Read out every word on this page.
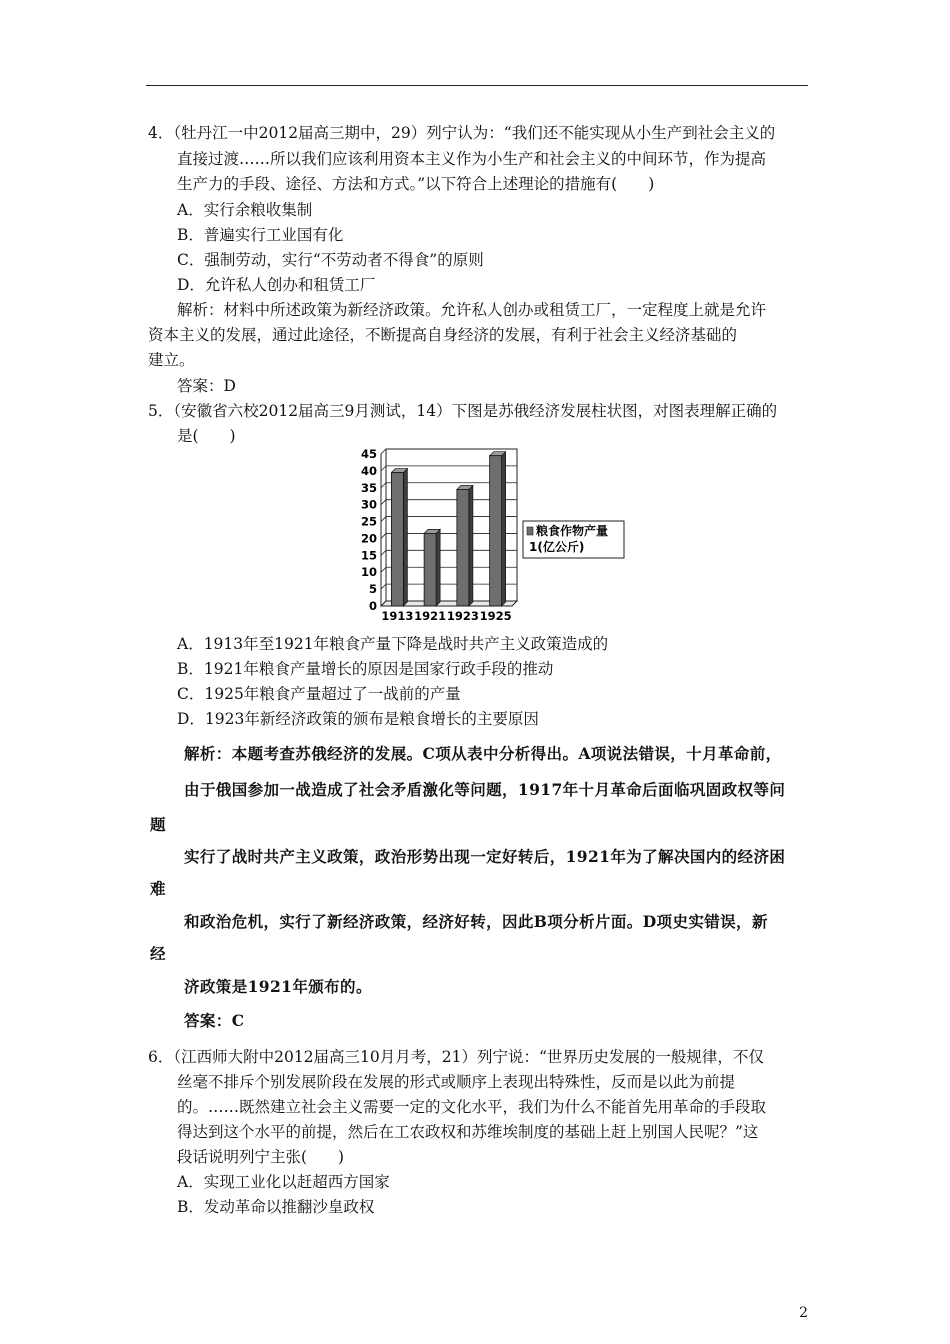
4．（牡丹江一中2012届高三期中，29）列宁认为：“我们还不能实现从小生产到社会主义的
直接过渡……所以我们应该利用资本主义作为小生产和社会主义的中间环节，作为提高
生产力的手段、途径、方法和方式。”以下符合上述理论的措施有(　　)
A．实行余粮收集制
B．普遍实行工业国有化
C．强制劳动，实行“不劳动者不得食”的原则
D．允许私人创办和租赁工厂
解析：材料中所述政策为新经济政策。允许私人创办或租赁工厂，一定程度上就是允许
资本主义的发展，通过此途径，不断提高自身经济的发展，有利于社会主义经济基础的
建立。
答案：D
5．（安徽省六校2012届高三9月测试，14）下图是苏俄经济发展柱状图，对图表理解正确的
是(　　)
0
5
10
15
20
25
30
35
40
45
1913 1921 1923 1925
粮食作物产量
1(亿公斤)
A．1913年至1921年粮食产量下降是战时共产主义政策造成的
B．1921年粮食产量增长的原因是国家行政手段的推动
C．1925年粮食产量超过了一战前的产量
D．1923年新经济政策的颁布是粮食增长的主要原因
解析：本题考查苏俄经济的发展。C项从表中分析得出。A项说法错误，十月革命前，
由于俄国参加一战造成了社会矛盾激化等问题，1917年十月革命后面临巩固政权等问
题
实行了战时共产主义政策，政治形势出现一定好转后，1921年为了解决国内的经济困
难
和政治危机，实行了新经济政策，经济好转，因此B项分析片面。D项史实错误，新
经
济政策是1921年颁布的。
答案：C
6．（江西师大附中2012届高三10月月考，21）列宁说：“世界历史发展的一般规律，不仅
丝毫不排斥个别发展阶段在发展的形式或顺序上表现出特殊性，反而是以此为前提
的。……既然建立社会主义需要一定的文化水平，我们为什么不能首先用革命的手段取
得达到这个水平的前提，然后在工农政权和苏维埃制度的基础上赶上别国人民呢？”这
段话说明列宁主张(　　)
A．实现工业化以赶超西方国家
B．发动革命以推翻沙皇政权
2
